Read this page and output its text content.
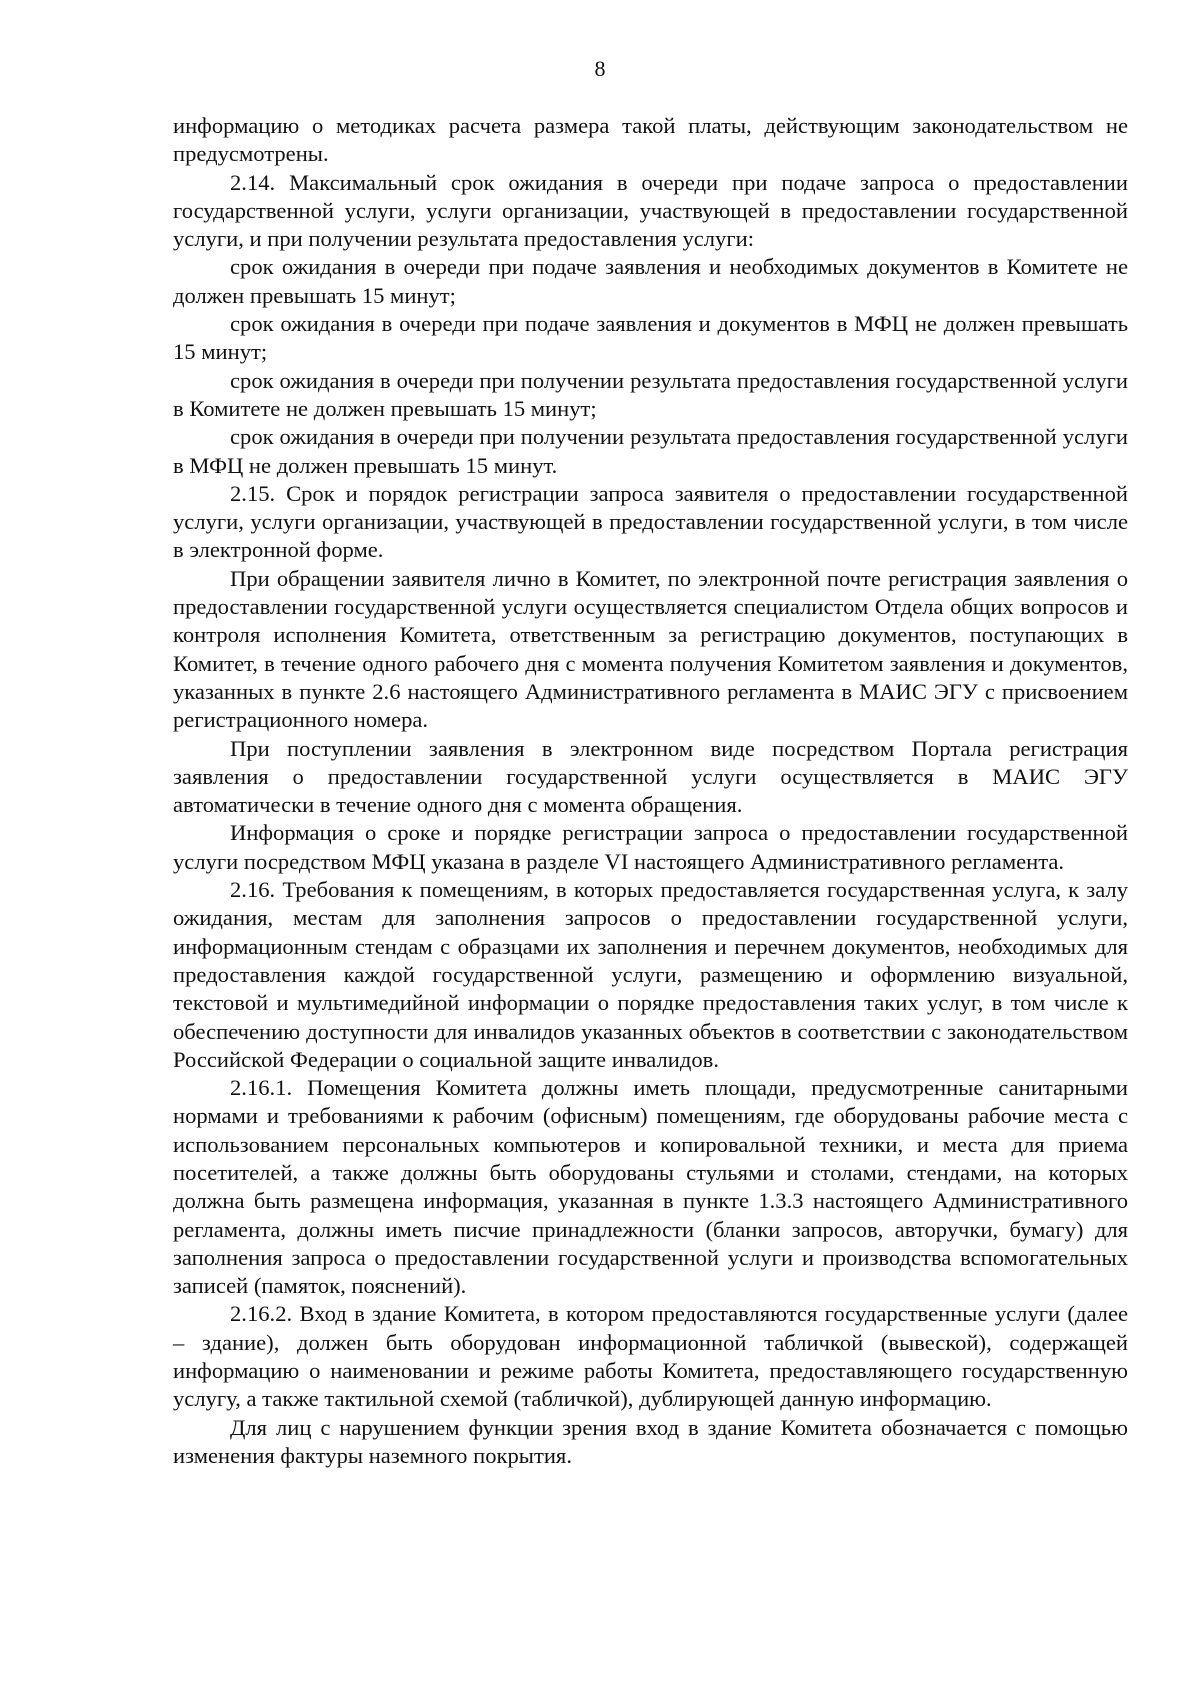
8

информацию о методиках расчета размера такой платы, действующим законодательством не предусмотрены.

2.14. Максимальный срок ожидания в очереди при подаче запроса о предоставлении государственной услуги, услуги организации, участвующей в предоставлении государственной услуги, и при получении результата предоставления услуги:

срок ожидания в очереди при подаче заявления и необходимых документов в Комитете не должен превышать 15 минут;

срок ожидания в очереди при подаче заявления и документов в МФЦ не должен превышать 15 минут;

срок ожидания в очереди при получении результата предоставления государственной услуги в Комитете не должен превышать 15 минут;

срок ожидания в очереди при получении результата предоставления государственной услуги в МФЦ не должен превышать 15 минут.

2.15. Срок и порядок регистрации запроса заявителя о предоставлении государственной услуги, услуги организации, участвующей в предоставлении государственной услуги, в том числе в электронной форме.

При обращении заявителя лично в Комитет, по электронной почте регистрация заявления о предоставлении государственной услуги осуществляется специалистом Отдела общих вопросов и контроля исполнения Комитета, ответственным за регистрацию документов, поступающих в Комитет, в течение одного рабочего дня с момента получения Комитетом заявления и документов, указанных в пункте 2.6 настоящего Административного регламента в МАИС ЭГУ с присвоением регистрационного номера.

При поступлении заявления в электронном виде посредством Портала регистрация заявления о предоставлении государственной услуги осуществляется в МАИС ЭГУ автоматически в течение одного дня с момента обращения.

Информация о сроке и порядке регистрации запроса о предоставлении государственной услуги посредством МФЦ указана в разделе VI настоящего Административного регламента.

2.16. Требования к помещениям, в которых предоставляется государственная услуга, к залу ожидания, местам для заполнения запросов о предоставлении государственной услуги, информационным стендам с образцами их заполнения и перечнем документов, необходимых для предоставления каждой государственной услуги, размещению и оформлению визуальной, текстовой и мультимедийной информации о порядке предоставления таких услуг, в том числе к обеспечению доступности для инвалидов указанных объектов в соответствии с законодательством Российской Федерации о социальной защите инвалидов.

2.16.1. Помещения Комитета должны иметь площади, предусмотренные санитарными нормами и требованиями к рабочим (офисным) помещениям, где оборудованы рабочие места с использованием персональных компьютеров и копировальной техники, и места для приема посетителей, а также должны быть оборудованы стульями и столами, стендами, на которых должна быть размещена информация, указанная в пункте 1.3.3 настоящего Административного регламента, должны иметь писчие принадлежности (бланки запросов, авторучки, бумагу) для заполнения запроса о предоставлении государственной услуги и производства вспомогательных записей (памяток, пояснений).

2.16.2. Вход в здание Комитета, в котором предоставляются государственные услуги (далее – здание), должен быть оборудован информационной табличкой (вывеской), содержащей информацию о наименовании и режиме работы Комитета, предоставляющего государственную услугу, а также тактильной схемой (табличкой), дублирующей данную информацию.

Для лиц с нарушением функции зрения вход в здание Комитета обозначается с помощью изменения фактуры наземного покрытия.
